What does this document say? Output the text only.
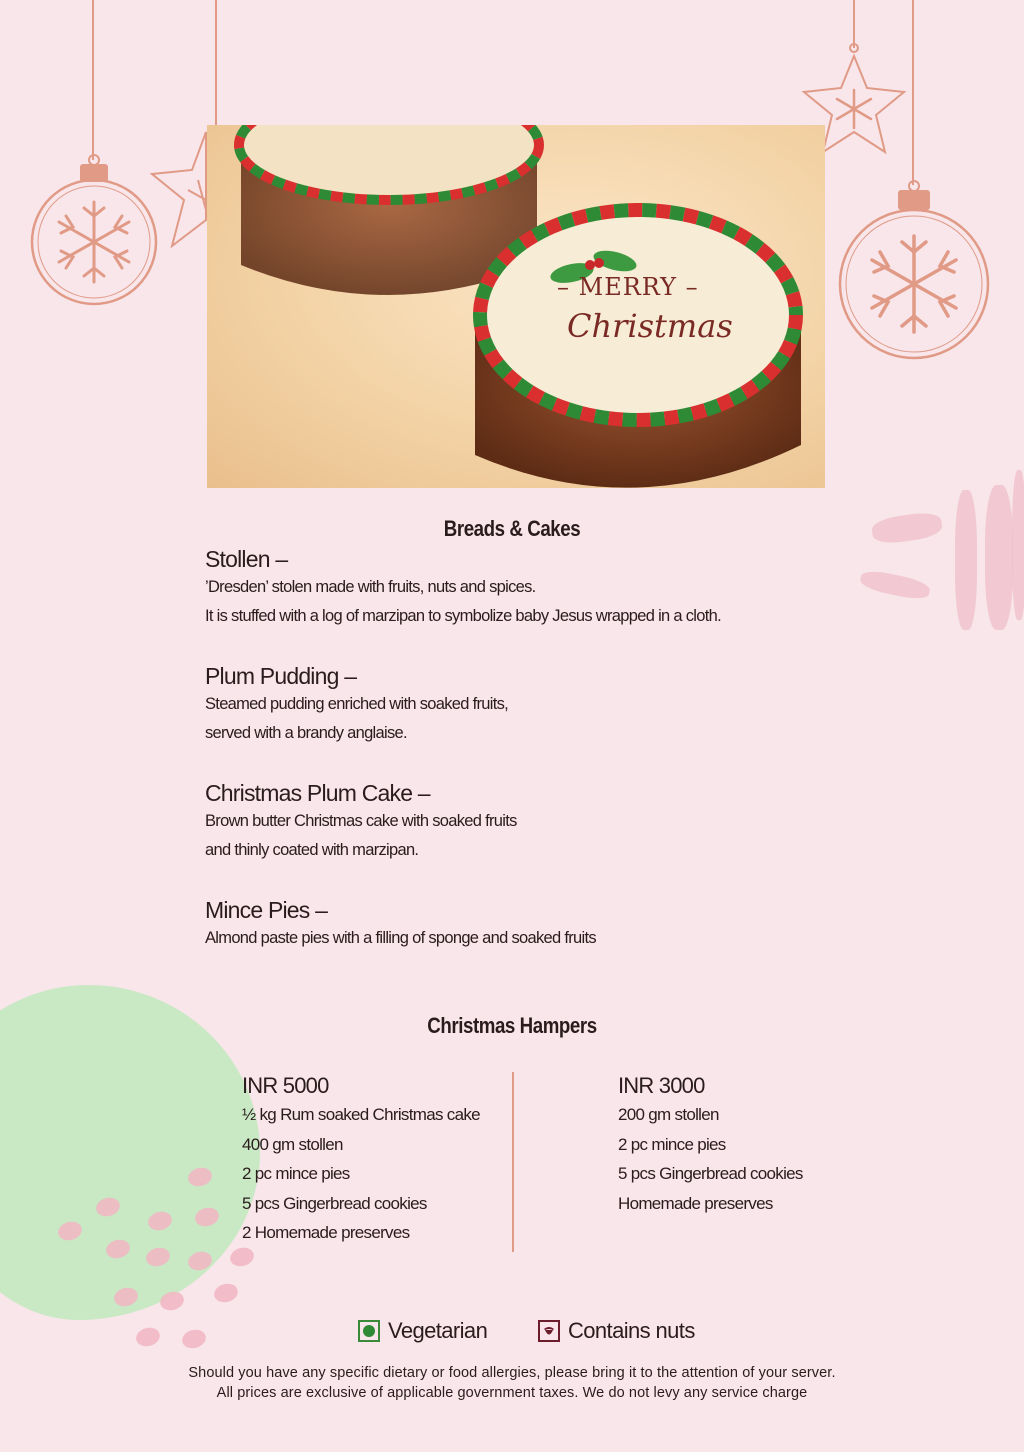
– MERRY –
Christmas
Breads & Cakes
Stollen –
’Dresden’ stolen made with fruits, nuts and spices.
It is stuffed with a log of marzipan to symbolize baby Jesus wrapped in a cloth.
Plum Pudding –
Steamed pudding enriched with soaked fruits,
served with a brandy anglaise.
Christmas Plum Cake –
Brown butter Christmas cake with soaked fruits
and thinly coated with marzipan.
Mince Pies –
Almond paste pies with a filling of sponge and soaked fruits
Christmas Hampers
INR 5000
½ kg Rum soaked Christmas cake
400 gm stollen
2 pc mince pies
5 pcs Gingerbread cookies
2 Homemade preserves
INR 3000
200 gm stollen
2 pc mince pies
5 pcs Gingerbread cookies
Homemade preserves
Vegetarian	Contains nuts
Should you have any specific dietary or food allergies, please bring it to the attention of your server.
All prices are exclusive of applicable government taxes. We do not levy any service charge
